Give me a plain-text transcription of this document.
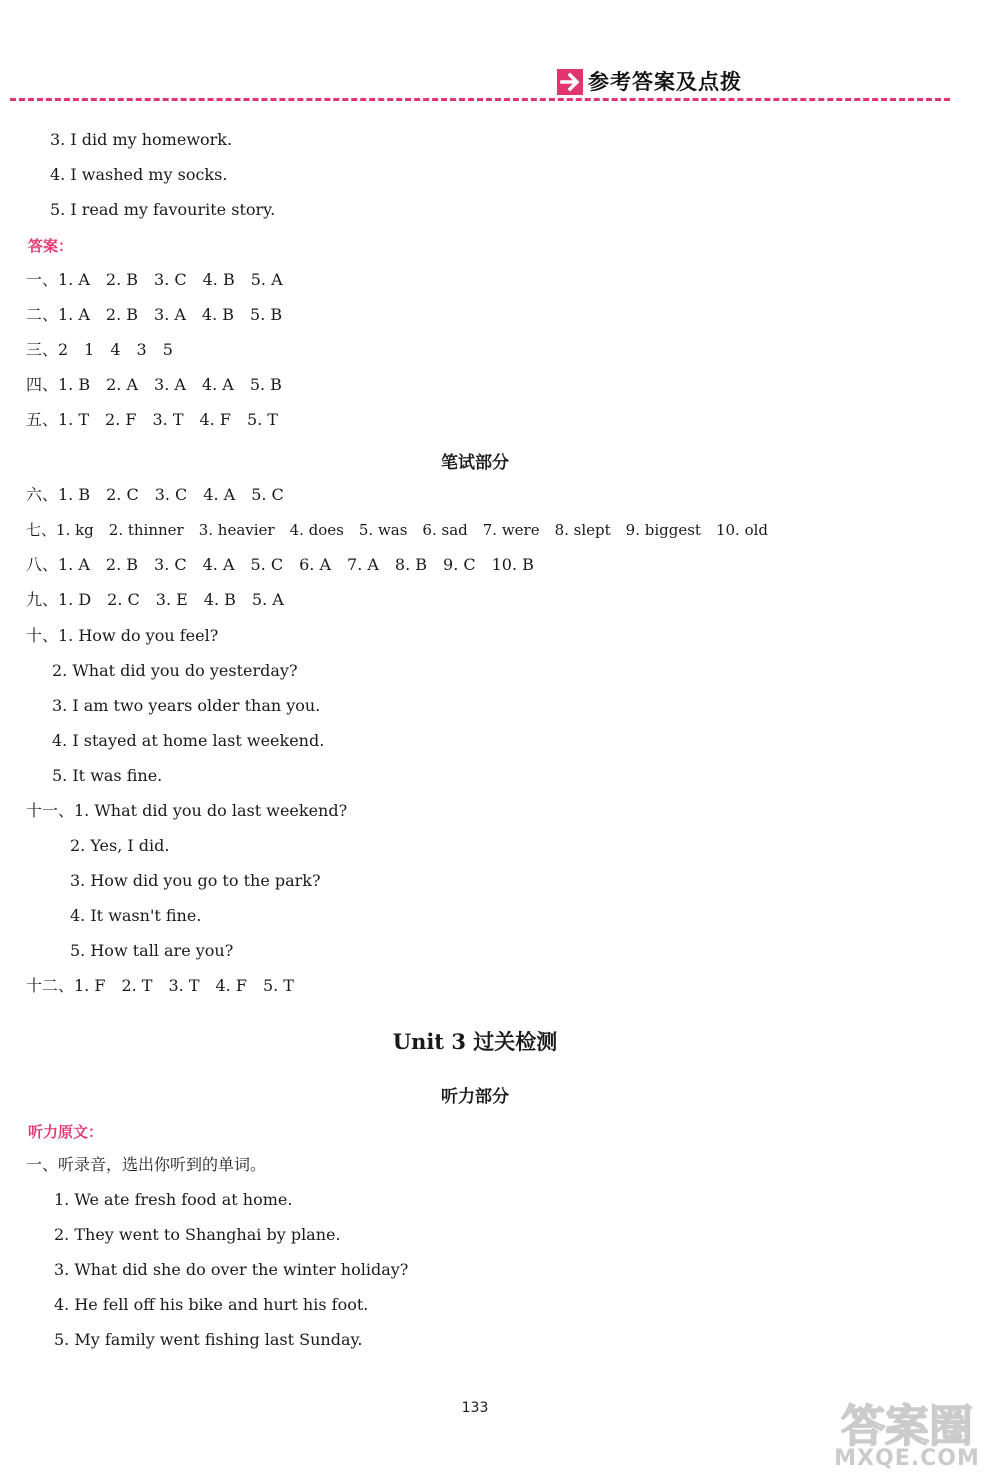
参考答案及点拨
3. I did my homework.
4. I washed my socks.
5. I read my favourite story.
答案：
一、1. A　2. B　3. C　4. B　5. A
二、1. A　2. B　3. A　4. B　5. B
三、2　1　4　3　5
四、1. B　2. A　3. A　4. A　5. B
五、1. T　2. F　3. T　4. F　5. T
笔试部分
六、1. B　2. C　3. C　4. A　5. C
七、1. kg　2. thinner　3. heavier　4. does　5. was　6. sad　7. were　8. slept　9. biggest　10. old
八、1. A　2. B　3. C　4. A　5. C　6. A　7. A　8. B　9. C　10. B
九、1. D　2. C　3. E　4. B　5. A
十、1. How do you feel?
2. What did you do yesterday?
3. I am two years older than you.
4. I stayed at home last weekend.
5. It was fine.
十一、1. What did you do last weekend?
2. Yes, I did.
3. How did you go to the park?
4. It wasn't fine.
5. How tall are you?
十二、1. F　2. T　3. T　4. F　5. T
Unit 3 过关检测
听力部分
听力原文：
一、听录音，选出你听到的单词。
1. We ate fresh food at home.
2. They went to Shanghai by plane.
3. What did she do over the winter holiday?
4. He fell off his bike and hurt his foot.
5. My family went fishing last Sunday.
133	答案圈
MXQE.COM
